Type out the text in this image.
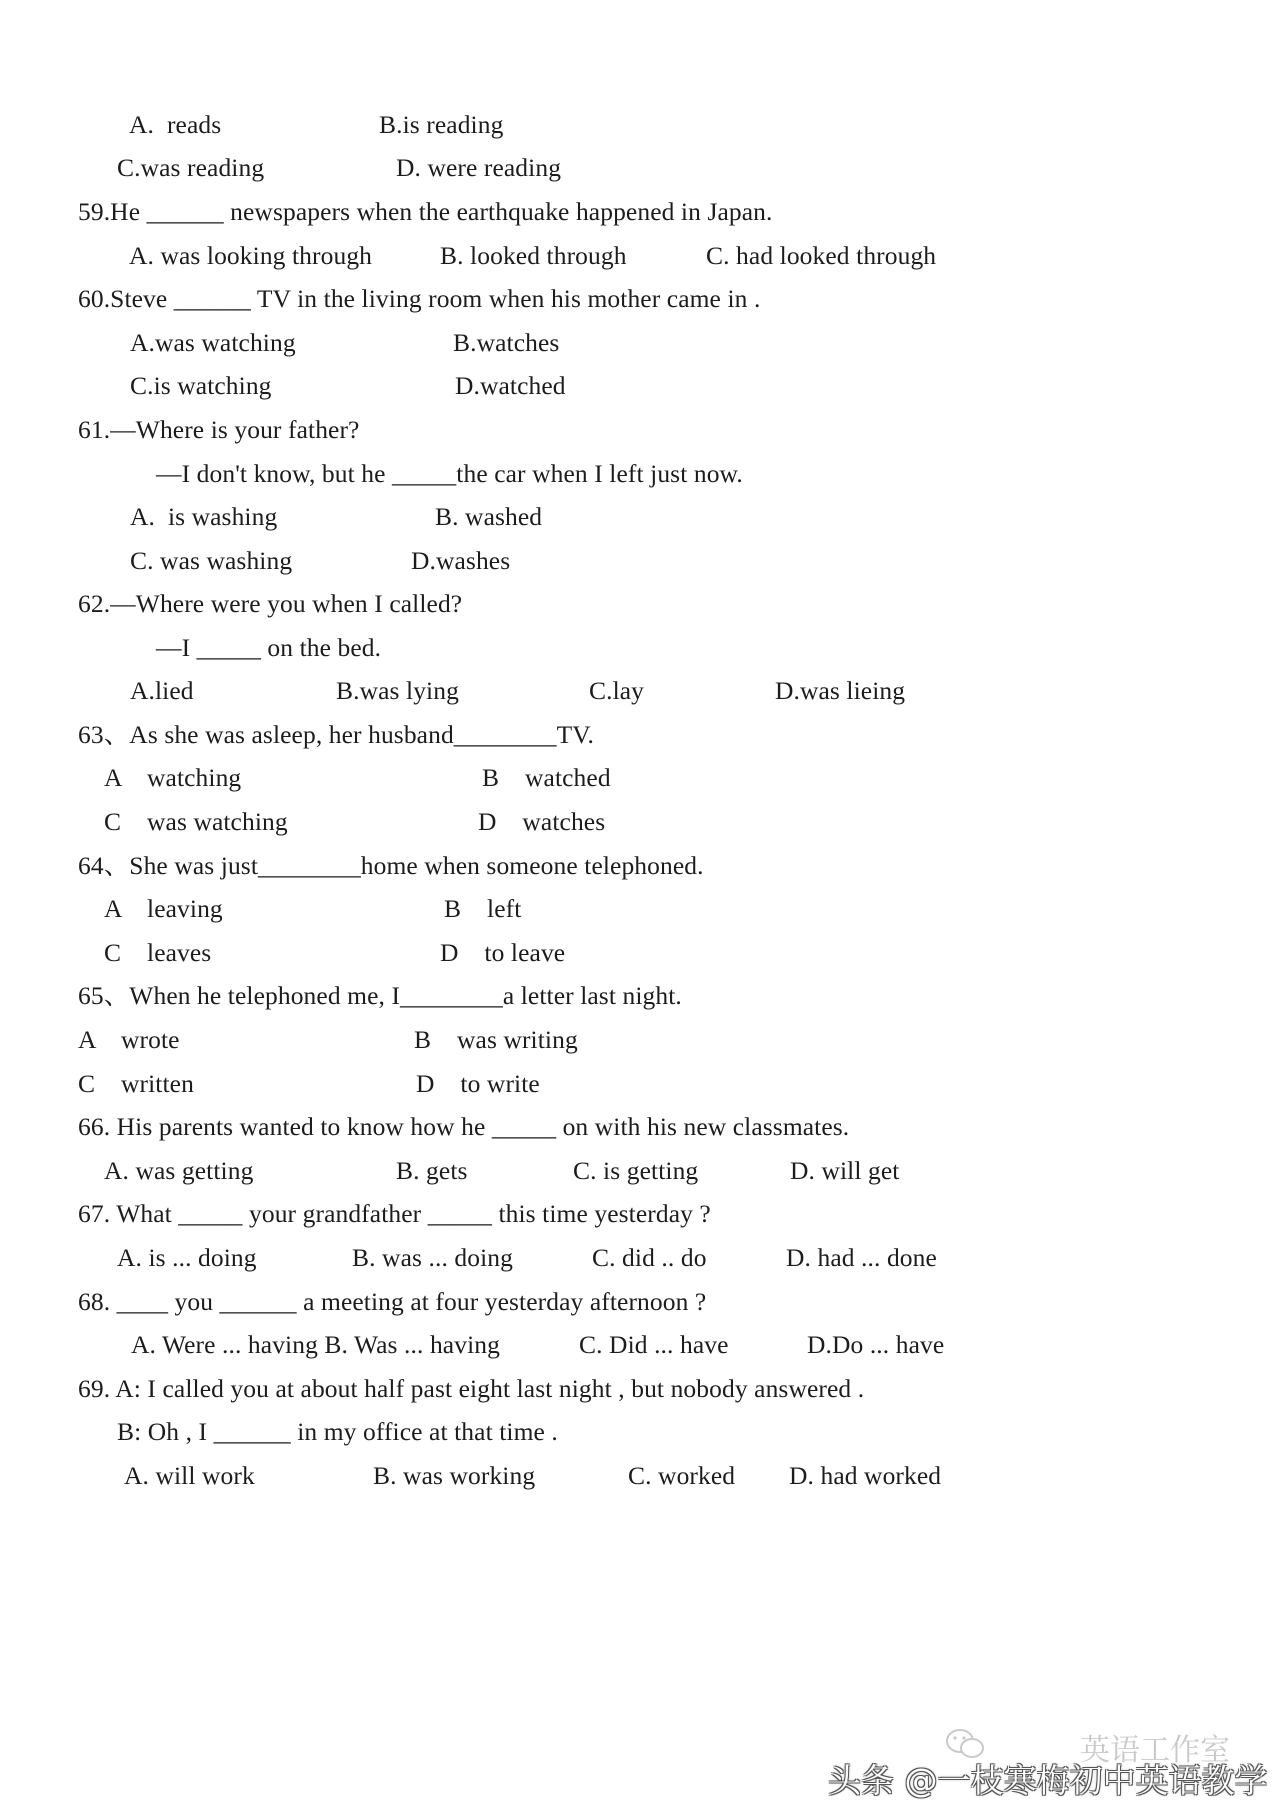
A.  reads	B.is reading
C.was reading	D. were reading
59.He ______ newspapers when the earthquake happened in Japan.
A. was looking through	B. looked through	C. had looked through
60.Steve ______ TV in the living room when his mother came in .
A.was watching	B.watches
C.is watching	D.watched
61.—Where is your father?
—I don't know, but he _____the car when I left just now.
A.  is washing	B. washed
C. was washing	D.washes
62.—Where were you when I called?
—I _____ on the bed.
A.lied	B.was lying	C.lay	D.was lieing
63、As she was asleep, her husband________TV.
A    watching	B    watched
C    was watching	D    watches
64、She was just________home when someone telephoned.
A    leaving	B    left
C    leaves	D    to leave
65、When he telephoned me, I________a letter last night.
A    wrote	B    was writing
C    written	D    to write
66. His parents wanted to know how he _____ on with his new classmates.
A. was getting	B. gets	C. is getting	D. will get
67. What _____ your grandfather _____ this time yesterday ?
A. is ... doing	B. was ... doing	C. did .. do	D. had ... done
68. ____ you ______ a meeting at four yesterday afternoon ?
A. Were ... having B. Was ... having	C. Did ... have	D.Do ... have
69. A: I called you at about half past eight last night , but nobody answered .
B: Oh , I ______ in my office at that time .
A. will work	B. was working	C. worked D. had worked
英语工作室
头条 @一枝寒梅初中英语教学
